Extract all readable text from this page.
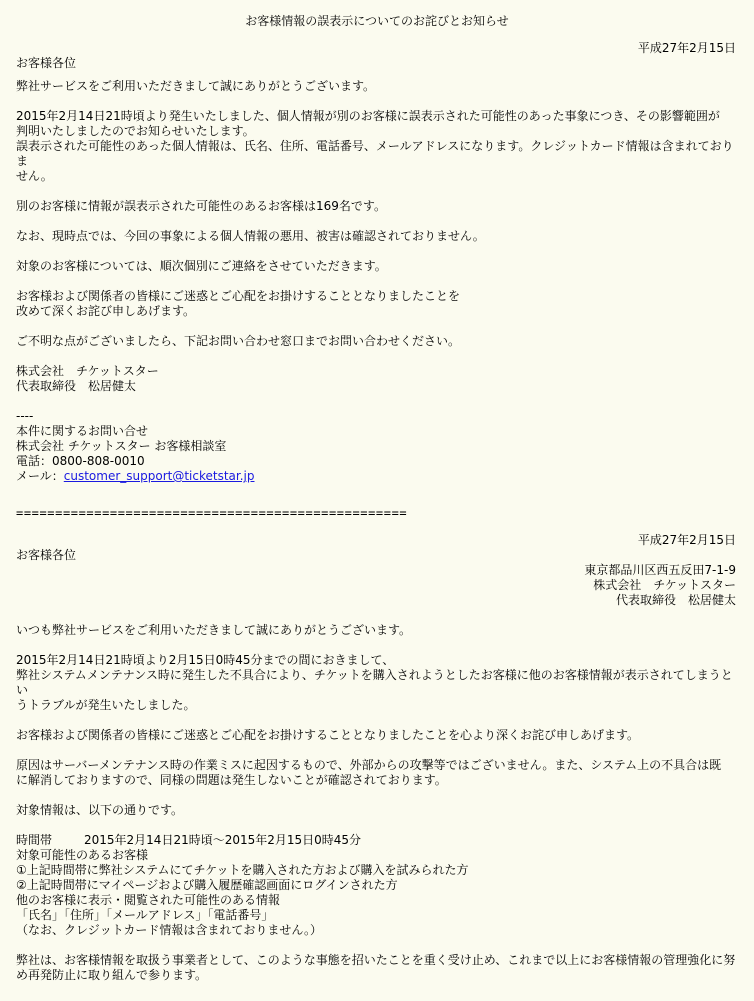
お客様情報の誤表示についてのお詫びとお知らせ

平成27年2月15日

お客様各位

弊社サービスをご利用いただきまして誠にありがとうございます。

2015年2月14日21時頃より発生いたしました、個人情報が別のお客様に誤表示された可能性のあった事象につき、その影響範囲が

判明いたしましたのでお知らせいたします。

誤表示された可能性のあった個人情報は、氏名、住所、電話番号、メールアドレスになります。クレジットカード情報は含まれておりま

せん。

別のお客様に情報が誤表示された可能性のあるお客様は169名です。

なお、現時点では、今回の事象による個人情報の悪用、被害は確認されておりません。

対象のお客様については、順次個別にご連絡をさせていただきます。

お客様および関係者の皆様にご迷惑とご心配をお掛けすることとなりましたことを

改めて深くお詫び申しあげます。

ご不明な点がございましたら、下記お問い合わせ窓口までお問い合わせください。

株式会社　チケットスター

代表取締役　松居健太

----

本件に関するお問い合せ

株式会社 チケットスター お客様相談室

電話：0800-808-0010

メール：customer_support@ticketstar.jp

==================================================

平成27年2月15日

お客様各位

東京都品川区西五反田7-1-9

株式会社　チケットスター

代表取締役　松居健太

いつも弊社サービスをご利用いただきまして誠にありがとうございます。

2015年2月14日21時頃より2月15日0時45分までの間におきまして、

弊社システムメンテナンス時に発生した不具合により、チケットを購入されようとしたお客様に他のお客様情報が表示されてしまうとい

うトラブルが発生いたしました。

お客様および関係者の皆様にご迷惑とご心配をお掛けすることとなりましたことを心より深くお詫び申しあげます。

原因はサーバーメンテナンス時の作業ミスに起因するもので、外部からの攻撃等ではございません。また、システム上の不具合は既

に解消しておりますので、同様の問題は発生しないことが確認されております。

対象情報は、以下の通りです。

時間帯	2015年2月14日21時頃～2015年2月15日0時45分

対象可能性のあるお客様

①上記時間帯に弊社システムにてチケットを購入された方および購入を試みられた方

②上記時間帯にマイページおよび購入履歴確認画面にログインされた方

他のお客様に表示・閲覧された可能性のある情報

「氏名」「住所」「メールアドレス」「電話番号」

（なお、クレジットカード情報は含まれておりません。）

弊社は、お客様情報を取扱う事業者として、このような事態を招いたことを重く受け止め、これまで以上にお客様情報の管理強化に努

め再発防止に取り組んで参ります。
